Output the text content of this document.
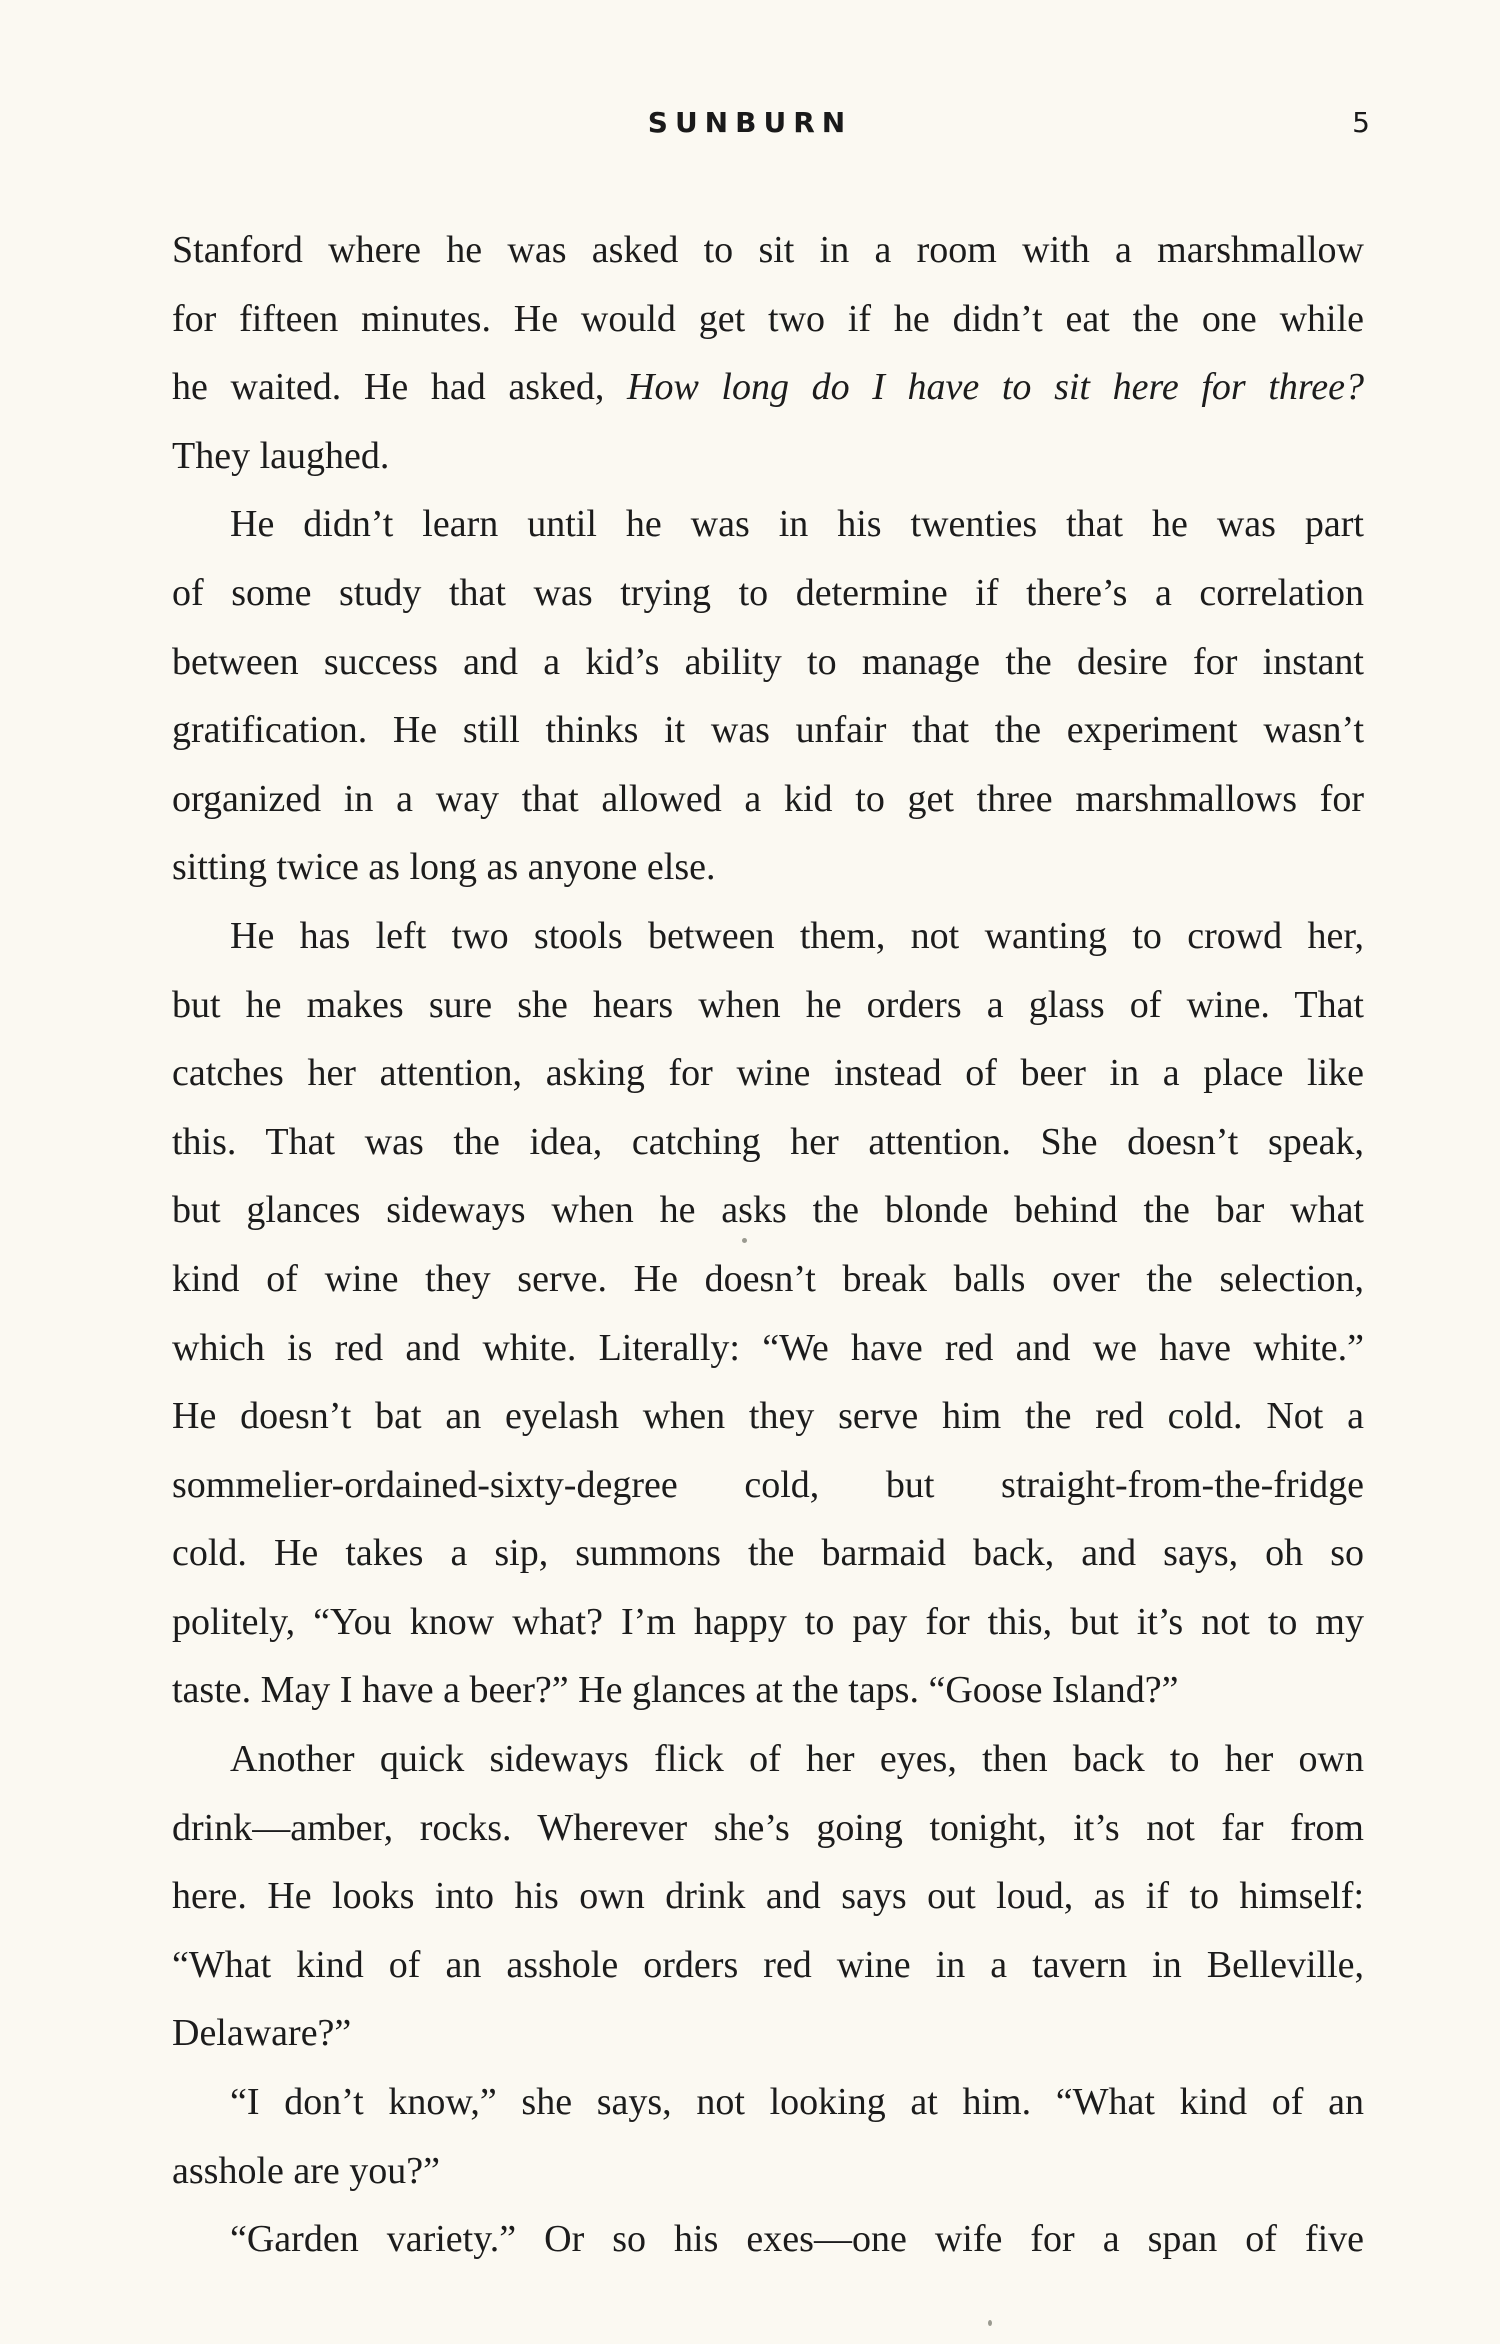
SUNBURN	5
Stanford where he was asked to sit in a room with a marshmallow
for fifteen minutes. He would get two if he didn’t eat the one while
he waited. He had asked, How long do I have to sit here for three?
They laughed.
He didn’t learn until he was in his twenties that he was part
of some study that was trying to determine if there’s a correlation
between success and a kid’s ability to manage the desire for instant
gratification. He still thinks it was unfair that the experiment wasn’t
organized in a way that allowed a kid to get three marshmallows for
sitting twice as long as anyone else.
He has left two stools between them, not wanting to crowd her,
but he makes sure she hears when he orders a glass of wine. That
catches her attention, asking for wine instead of beer in a place like
this. That was the idea, catching her attention. She doesn’t speak,
but glances sideways when he asks the blonde behind the bar what
kind of wine they serve. He doesn’t break balls over the selection,
which is red and white. Literally: “We have red and we have white.”
He doesn’t bat an eyelash when they serve him the red cold. Not a
sommelier-ordained-sixty-degree cold, but straight-from-the-fridge
cold. He takes a sip, summons the barmaid back, and says, oh so
politely, “You know what? I’m happy to pay for this, but it’s not to my
taste. May I have a beer?” He glances at the taps. “Goose Island?”
Another quick sideways flick of her eyes, then back to her own
drink—amber, rocks. Wherever she’s going tonight, it’s not far from
here. He looks into his own drink and says out loud, as if to himself:
“What kind of an asshole orders red wine in a tavern in Belleville,
Delaware?”
“I don’t know,” she says, not looking at him. “What kind of an
asshole are you?”
“Garden variety.” Or so his exes—one wife for a span of five
